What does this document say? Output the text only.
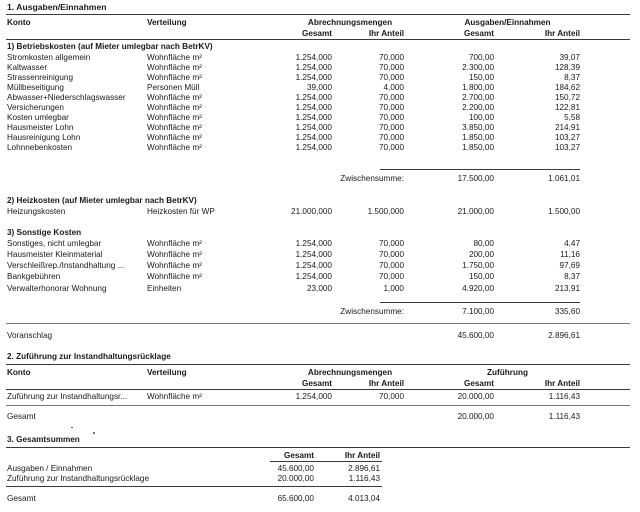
1. Ausgaben/Einnahmen
Konto	Verteilung	Abrechnungsmengen	Ausgaben/Einnahmen
Gesamt	Ihr Anteil	Gesamt	Ihr Anteil
1) Betriebskosten (auf Mieter umlegbar nach BetrKV)
Stromkosten allgemein	Wohnfläche m²	1.254,000	70,000	700,00	39,07
Kaltwasser	Wohnfläche m²	1.254,000	70,000	2.300,00	128,39
Strassenreinigung	Wohnfläche m²	1.254,000	70,000	150,00	8,37
Müllbeseitigung	Personen Müll	39,000	4,000	1.800,00	184,62
Abwasser+Niederschlagswasser	Wohnfläche m²	1.254,000	70,000	2.700,00	150,72
Versicherungen	Wohnfläche m²	1.254,000	70,000	2.200,00	122,81
Kosten umlegbar	Wohnfläche m²	1.254,000	70,000	100,00	5,58
Hausmeister Lohn	Wohnfläche m²	1.254,000	70,000	3.850,00	214,91
Hausreinigung Lohn	Wohnfläche m²	1.254,000	70,000	1.850,00	103,27
Lohnnebenkosten	Wohnfläche m²	1.254,000	70,000	1.850,00	103,27
Zwischensumme:	17.500,00	1.061,01
2) Heizkosten (auf Mieter umlegbar nach BetrKV)
Heizungskosten	Heizkosten für WP	21.000,000	1.500,000	21.000,00	1.500,00
3) Sonstige Kosten
Sonstiges, nicht umlegbar	Wohnfläche m²	1.254,000	70,000	80,00	4,47
Hausmeister Kleinmaterial	Wohnfläche m²	1.254,000	70,000	200,00	11,16
Verschleißrep./Instandhaltung ...	Wohnfläche m²	1.254,000	70,000	1.750,00	97,69
Bankgebühren	Wohnfläche m²	1.254,000	70,000	150,00	8,37
Verwalterhonorar Wohnung	Einheiten	23,000	1,000	4.920,00	213,91
Zwischensumme:	7.100,00	335,60
Voranschlag	45.600,00	2.896,61
2. Zuführung zur Instandhaltungsrücklage
Konto	Verteilung	Abrechnungsmengen	Zuführung
Gesamt	Ihr Anteil	Gesamt	Ihr Anteil
Zuführung zur Instandhaltungsr... Wohnfläche m²	1.254,000	70,000	20.000,00	1.116,43
Gesamt	20.000,00	1.116,43
3. Gesamtsummen
Gesamt	Ihr Anteil
Ausgaben / Einnahmen	45.600,00	2.896,61
Zuführung zur Instandhaltungsrücklage	20.000,00	1.116,43
Gesamt	65.600,00	4.013,04
